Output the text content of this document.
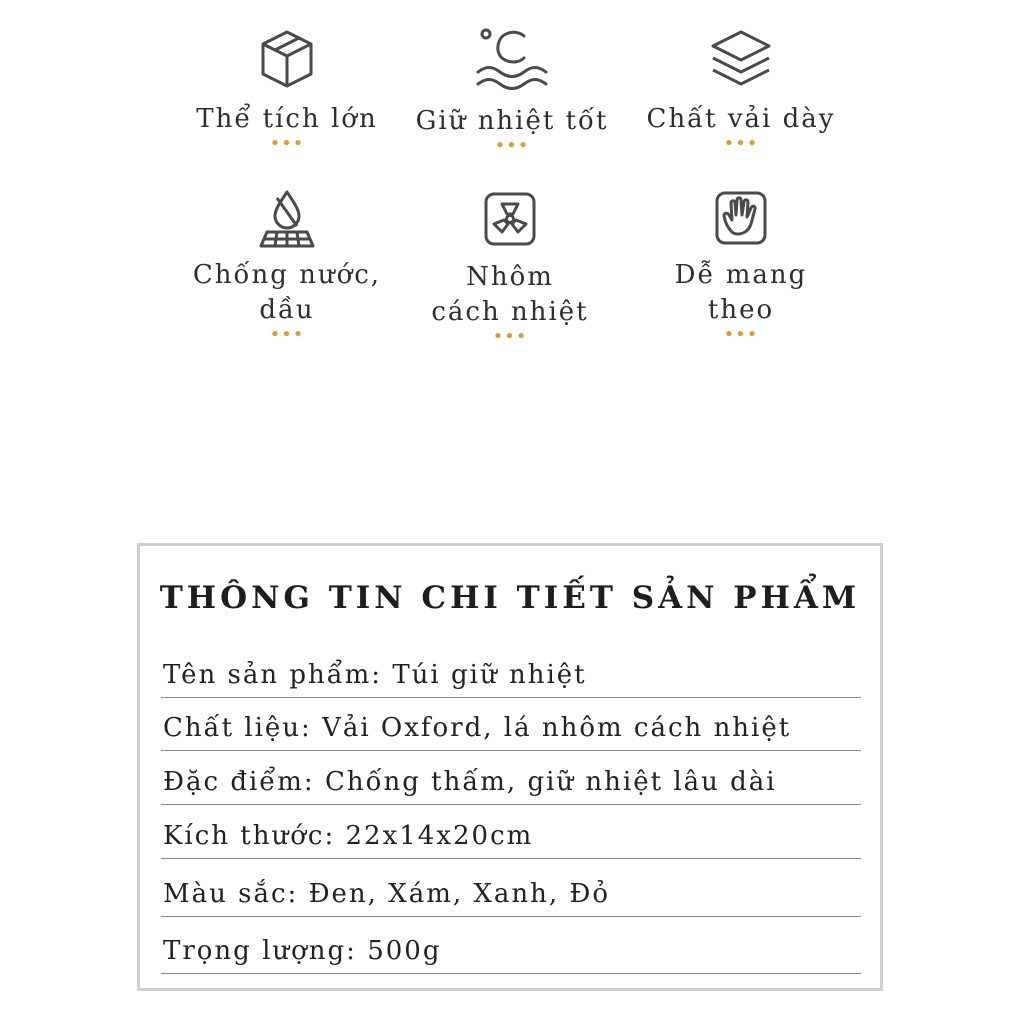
Thể tích lớn
•••
Giữ nhiệt tốt
•••
Chất vải dày
•••
Chống nước,
dầu
•••
Nhôm
cách nhiệt
•••
Dễ mang
theo
•••
THÔNG TIN CHI TIẾT SẢN PHẨM
Tên sản phẩm: Túi giữ nhiệt
Chất liệu: Vải Oxford, lá nhôm cách nhiệt
Đặc điểm: Chống thấm, giữ nhiệt lâu dài
Kích thước: 22x14x20cm
Màu sắc: Đen, Xám, Xanh, Đỏ
Trọng lượng: 500g
